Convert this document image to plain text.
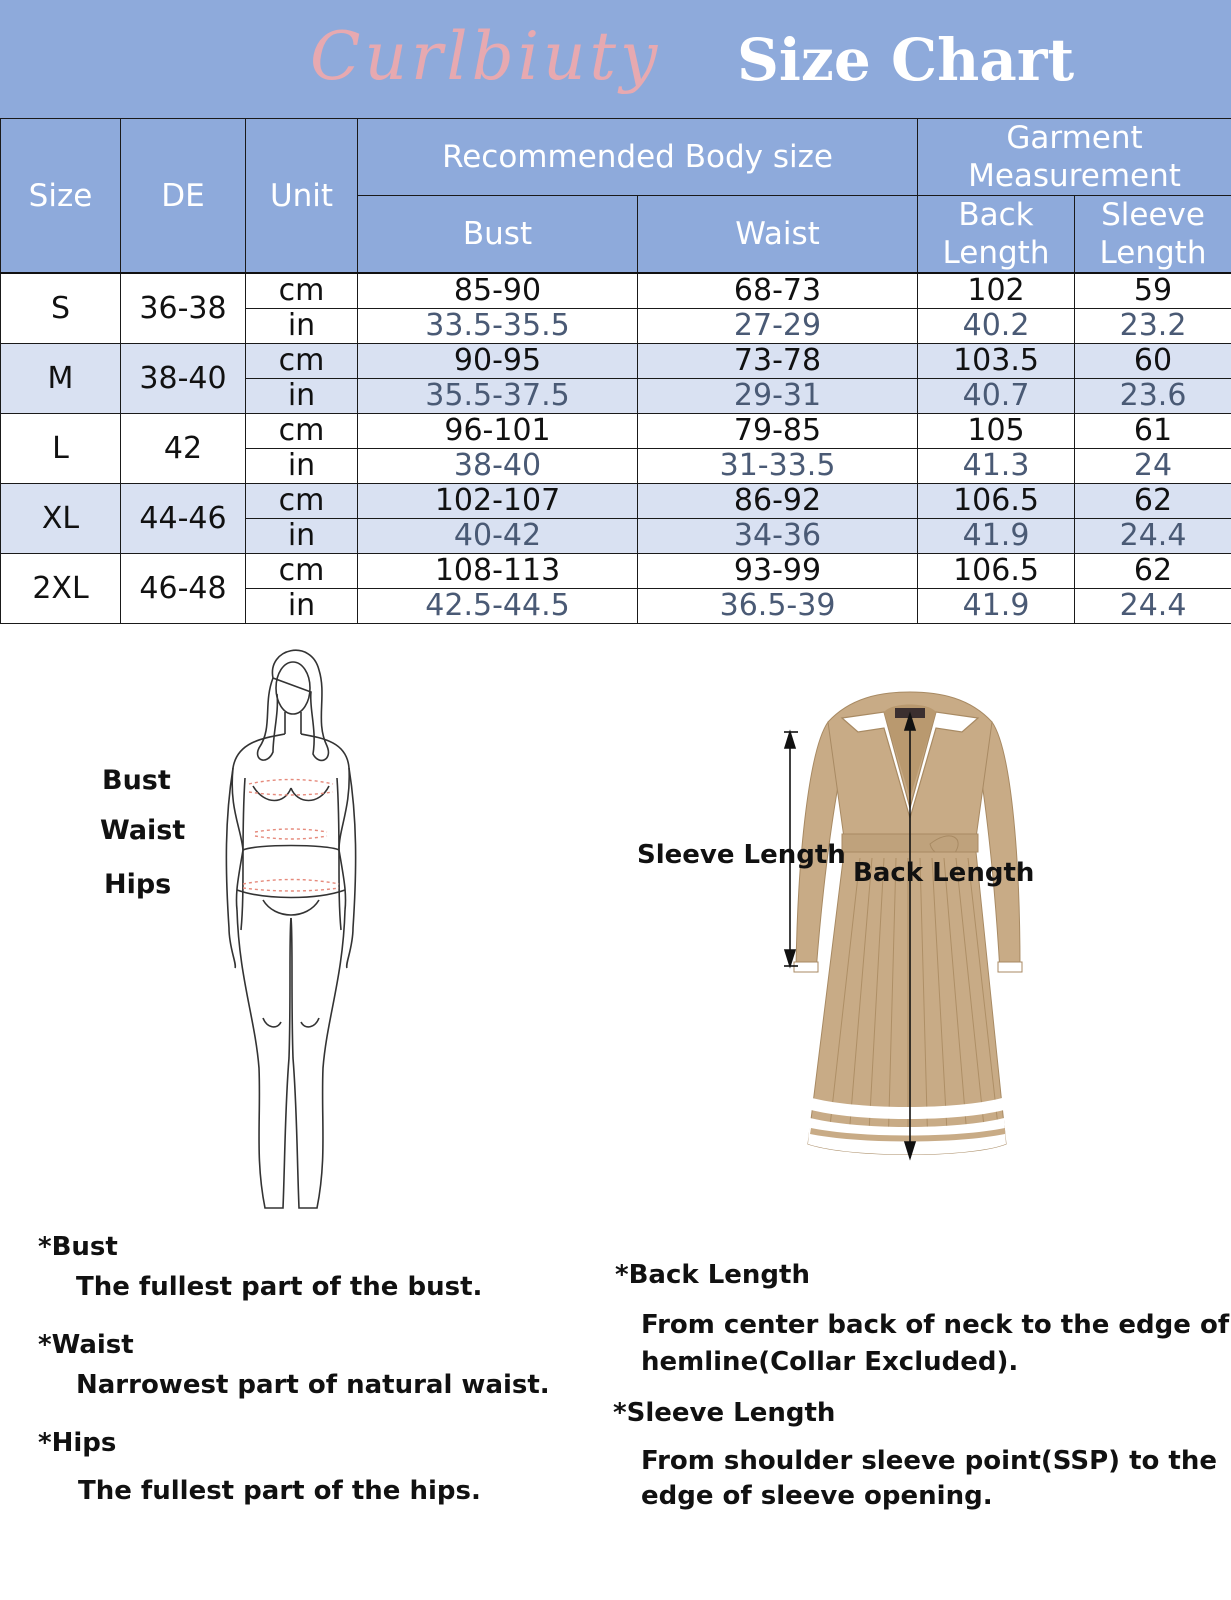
Curlbiuty Size Chart
Size	DE	Unit	Recommended Body size		Garment Measurement	
			Bust	Waist	Back Length	Sleeve Length
S	36-38	cm	85-90	68-73	102	59
		in	33.5-35.5	27-29	40.2	23.2
M	38-40	cm	90-95	73-78	103.5	60
		in	35.5-37.5	29-31	40.7	23.6
L	42	cm	96-101	79-85	105	61
		in	38-40	31-33.5	41.3	24
XL	44-46	cm	102-107	86-92	106.5	62
		in	40-42	34-36	41.9	24.4
2XL	46-48	cm	108-113	93-99	106.5	62
		in	42.5-44.5	36.5-39	41.9	24.4
Bust
Waist
Hips
Sleeve Length
Back Length
*Bust
The fullest part of the bust.
*Waist
Narrowest part of natural waist.
*Hips
The fullest part of the hips.
*Back Length
From center back of neck to the edge of
hemline(Collar Excluded).
*Sleeve Length
From shoulder sleeve point(SSP) to the
edge of sleeve opening.
